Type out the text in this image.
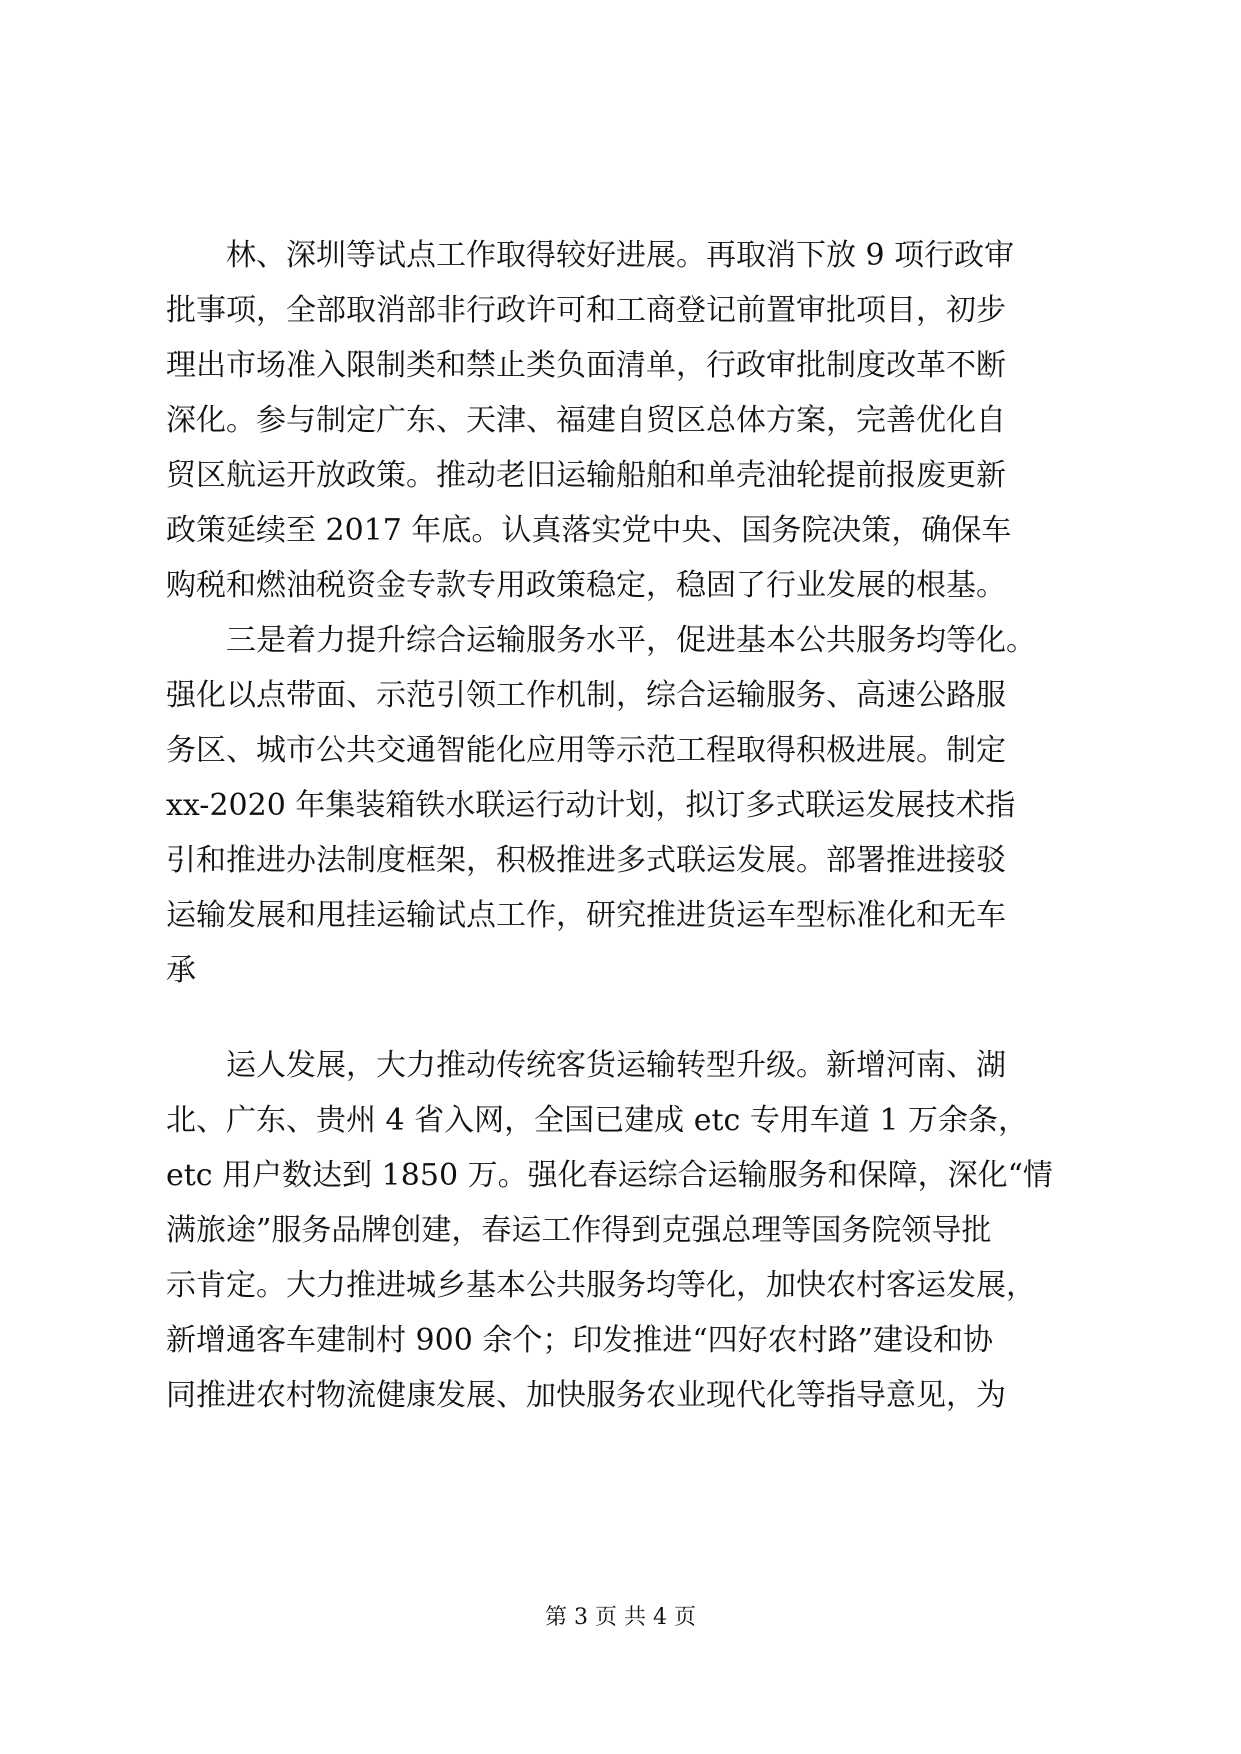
　　林、深圳等试点工作取得较好进展。再取消下放 9 项行政审
批事项，全部取消部非行政许可和工商登记前置审批项目，初步
理出市场准入限制类和禁止类负面清单，行政审批制度改革不断
深化。参与制定广东、天津、福建自贸区总体方案，完善优化自
贸区航运开放政策。推动老旧运输船舶和单壳油轮提前报废更新
政策延续至 2017 年底。认真落实党中央、国务院决策，确保车
购税和燃油税资金专款专用政策稳定，稳固了行业发展的根基。
　　三是着力提升综合运输服务水平，促进基本公共服务均等化。
强化以点带面、示范引领工作机制，综合运输服务、高速公路服
务区、城市公共交通智能化应用等示范工程取得积极进展。制定
xx-2020 年集装箱铁水联运行动计划，拟订多式联运发展技术指
引和推进办法制度框架，积极推进多式联运发展。部署推进接驳
运输发展和甩挂运输试点工作，研究推进货运车型标准化和无车
承
　　运人发展，大力推动传统客货运输转型升级。新增河南、湖
北、广东、贵州 4 省入网，全国已建成 etc 专用车道 1 万余条，
etc 用户数达到 1850 万。强化春运综合运输服务和保障，深化“情
满旅途”服务品牌创建，春运工作得到克强总理等国务院领导批
示肯定。大力推进城乡基本公共服务均等化，加快农村客运发展，
新增通客车建制村 900 余个；印发推进“四好农村路”建设和协
同推进农村物流健康发展、加快服务农业现代化等指导意见，为
第 3 页 共 4 页
